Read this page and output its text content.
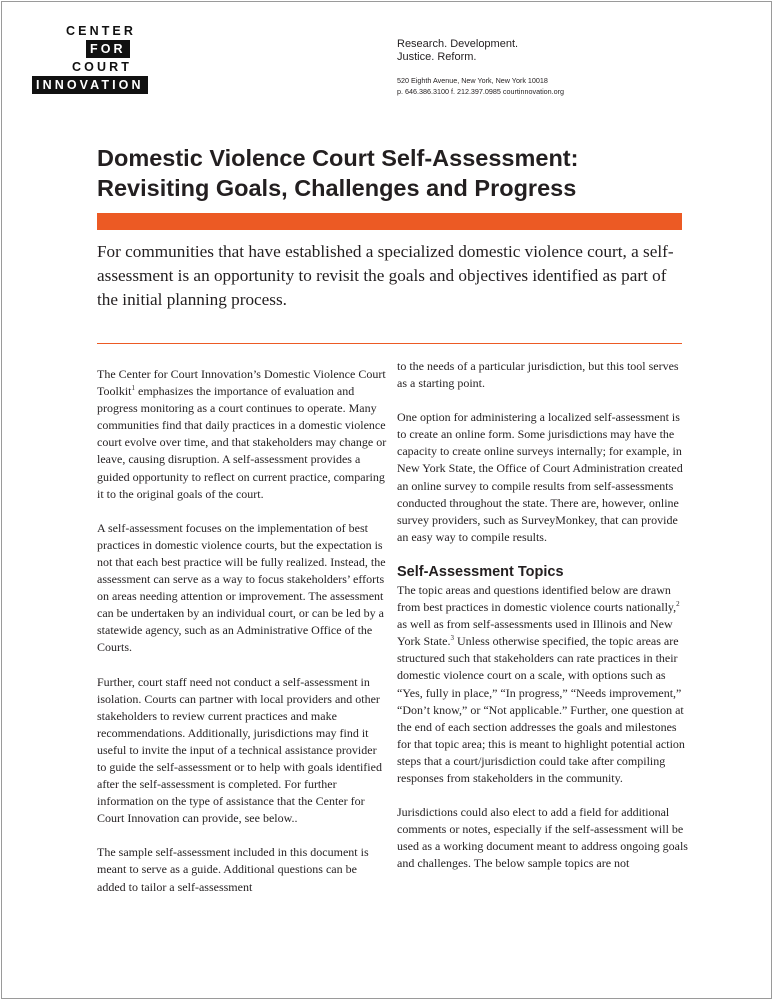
CENTER
FOR
COURT
INNOVATION
Research. Development.
Justice. Reform.
520 Eighth Avenue, New York, New York 10018
p. 646.386.3100 f. 212.397.0985 courtinnovation.org
Domestic Violence Court Self-Assessment:
Revisiting Goals, Challenges and Progress
For communities that have established a specialized domestic violence court, a self-assessment is an opportunity to revisit the goals and objectives identified as part of the initial planning process.

The Center for Court Innovation’s Domestic Violence Court Toolkit$^1$ emphasizes the importance of evaluation and progress monitoring as a court continues to operate. Many communities find that daily practices in a domestic violence court evolve over time, and that stakeholders may change or leave, causing disruption. A self-assessment provides a guided opportunity to reflect on current practice, comparing it to the original goals of the court.

A self-assessment focuses on the implementation of best practices in domestic violence courts, but the expectation is not that each best practice will be fully realized. Instead, the assessment can serve as a way to focus stakeholders’ efforts on areas needing attention or improvement. The assessment can be undertaken by an individual court, or can be led by a statewide agency, such as an Administrative Office of the Courts.

Further, court staff need not conduct a self-assessment in isolation. Courts can partner with local providers and other stakeholders to review current practices and make recommendations. Additionally, jurisdictions may find it useful to invite the input of a technical assistance provider to guide the self-assessment or to help with goals identified after the self-assessment is completed. For further information on the type of assistance that the Center for Court Innovation can provide, see below..

The sample self-assessment included in this document is meant to serve as a guide. Additional questions can be added to tailor a self-assessment

to the needs of a particular jurisdiction, but this tool serves as a starting point.

One option for administering a localized self-assessment is to create an online form. Some jurisdictions may have the capacity to create online surveys internally; for example, in New York State, the Office of Court Administration created an online survey to compile results from self-assessments conducted throughout the state. There are, however, online survey providers, such as SurveyMonkey, that can provide an easy way to compile results.

Self-Assessment Topics

The topic areas and questions identified below are drawn from best practices in domestic violence courts nationally,$^2$ as well as from self-assessments used in Illinois and New York State.$^3$ Unless otherwise specified, the topic areas are structured such that stakeholders can rate practices in their domestic violence court on a scale, with options such as “Yes, fully in place,” “In progress,” “Needs improvement,” “Don’t know,” or “Not applicable.” Further, one question at the end of each section addresses the goals and milestones for that topic area; this is meant to highlight potential action steps that a court/jurisdiction could take after compiling responses from stakeholders in the community.

Jurisdictions could also elect to add a field for additional comments or notes, especially if the self-assessment will be used as a working document meant to address ongoing goals and challenges. The below sample topics are not
